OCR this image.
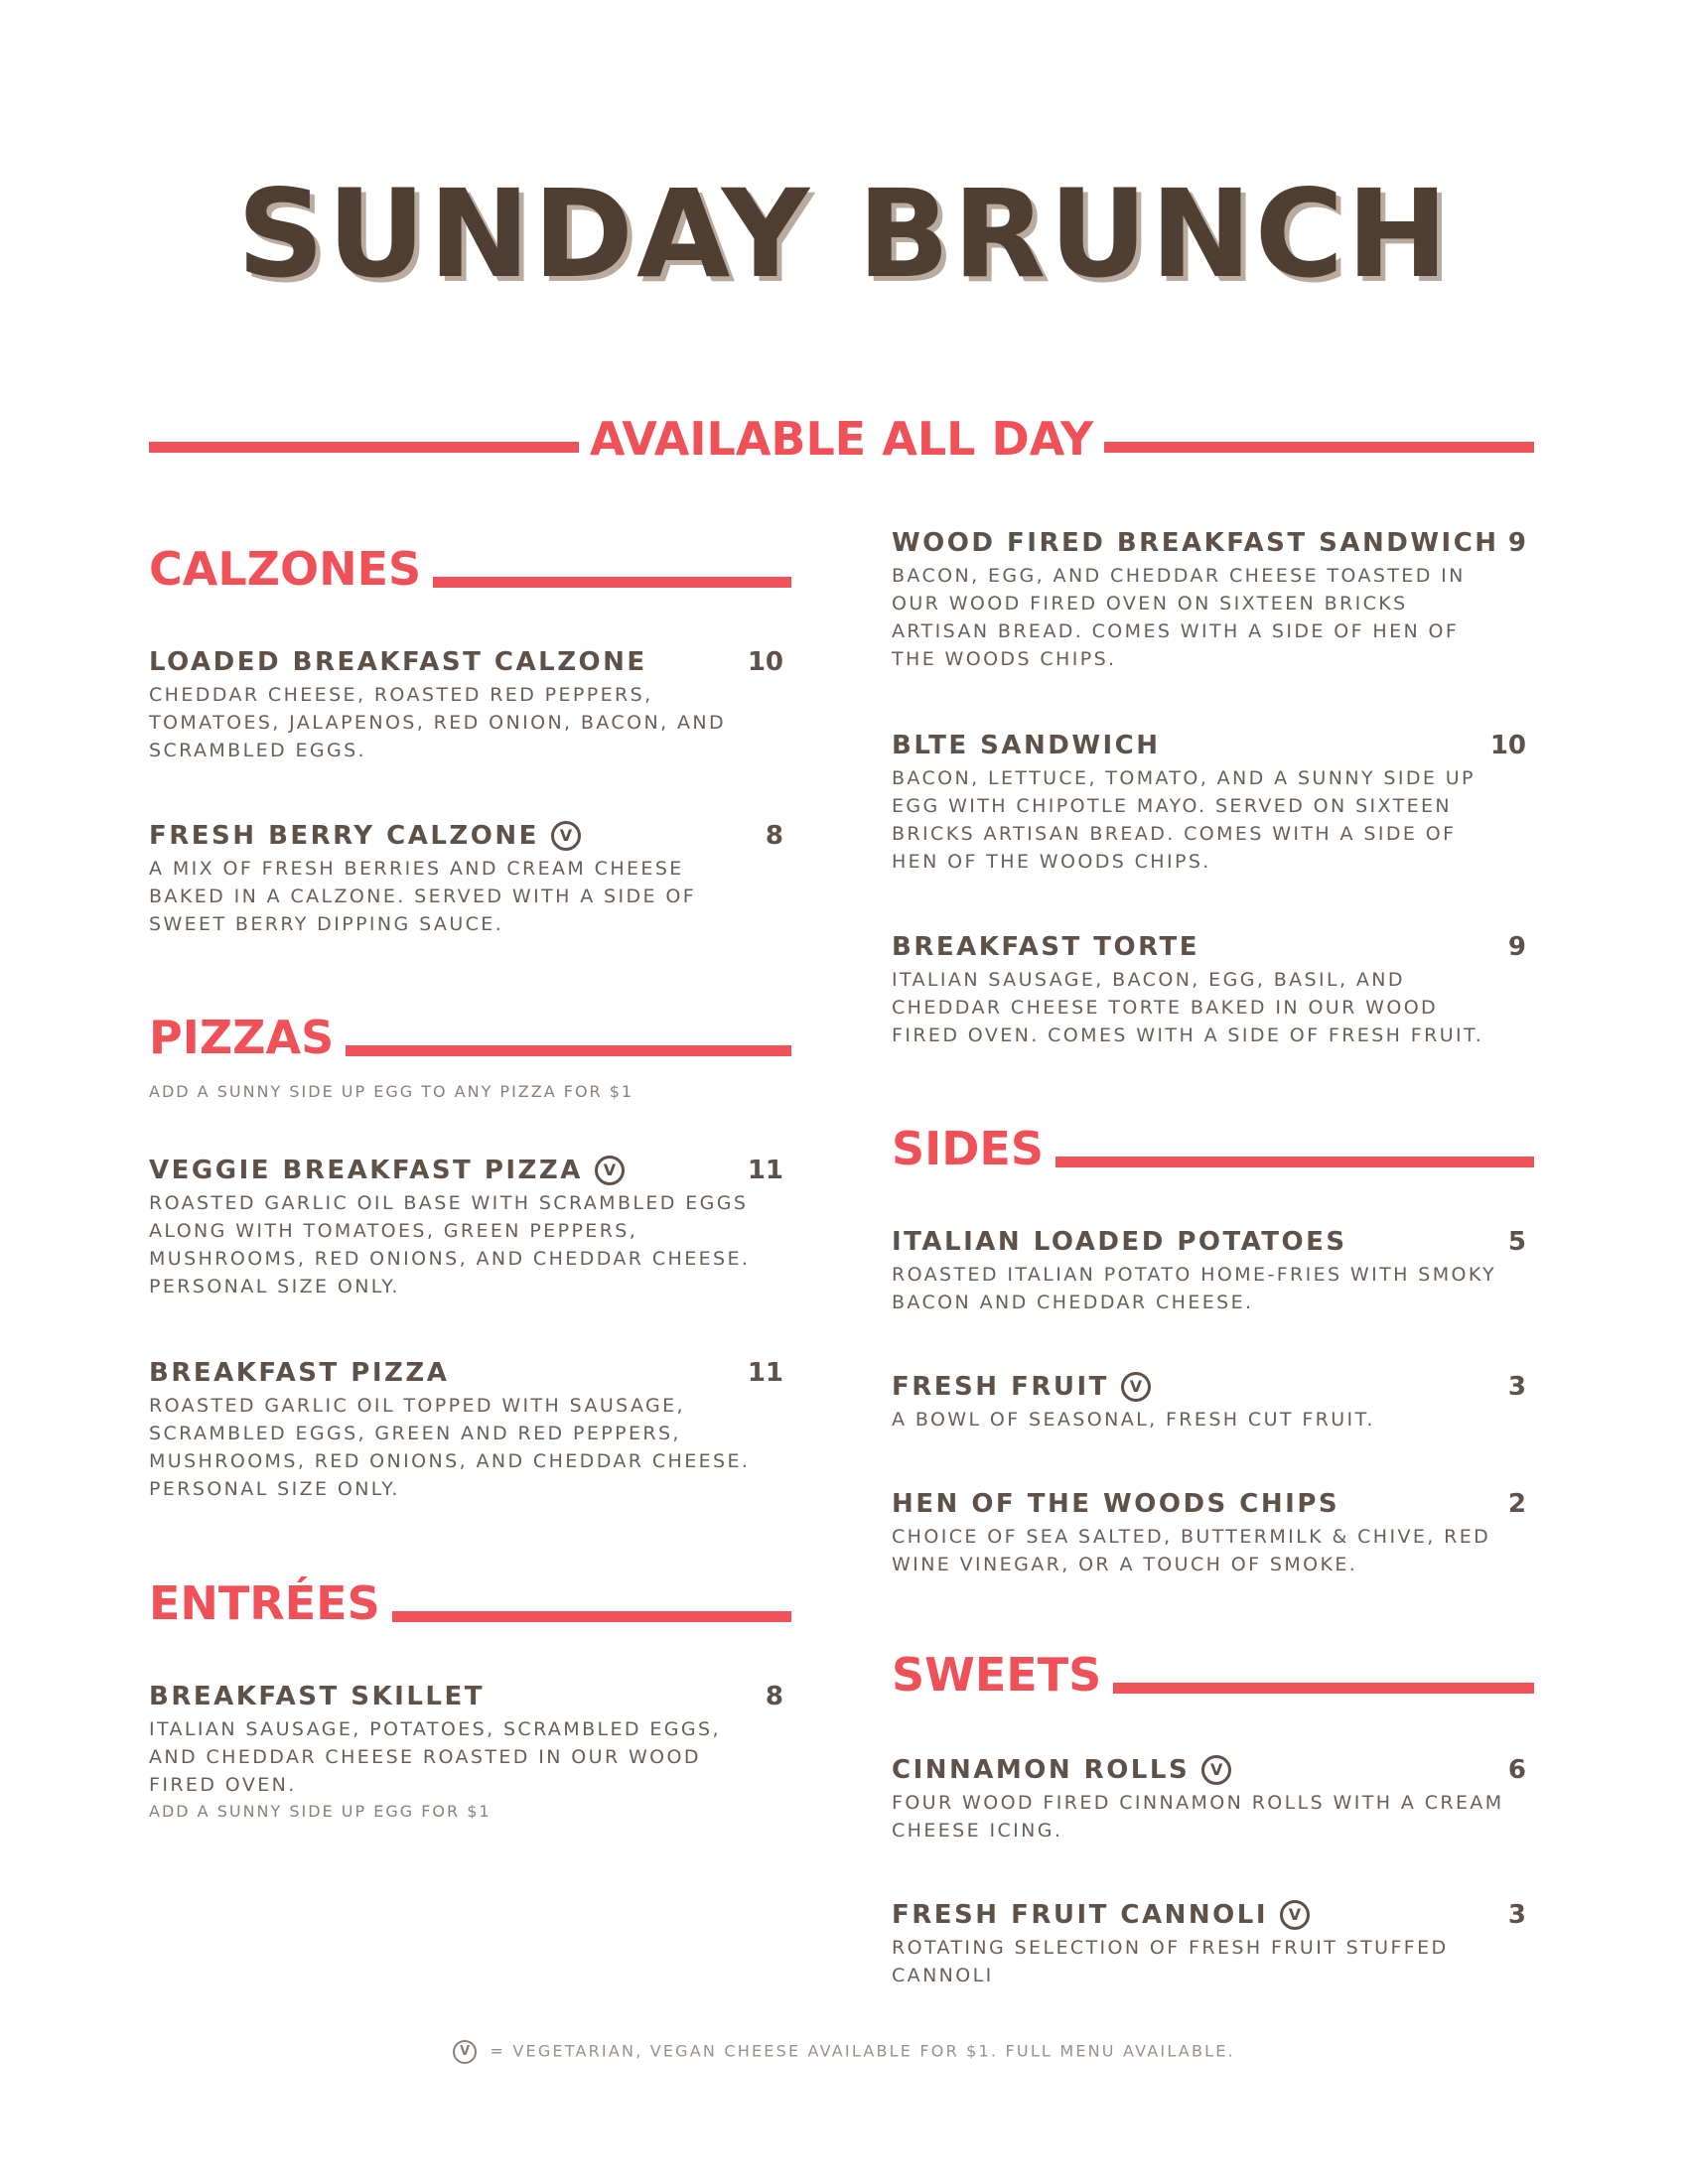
SUNDAY BRUNCH
AVAILABLE ALL DAY
CALZONES
LOADED BREAKFAST CALZONE	10
CHEDDAR CHEESE, ROASTED RED PEPPERS, TOMATOES, JALAPENOS, RED ONION, BACON, AND SCRAMBLED EGGS.
FRESH BERRY CALZONE	V	8
A MIX OF FRESH BERRIES AND CREAM CHEESE BAKED IN A CALZONE. SERVED WITH A SIDE OF SWEET BERRY DIPPING SAUCE.
PIZZAS
ADD A SUNNY SIDE UP EGG TO ANY PIZZA FOR $1
VEGGIE BREAKFAST PIZZA	V	11
ROASTED GARLIC OIL BASE WITH SCRAMBLED EGGS ALONG WITH TOMATOES, GREEN PEPPERS, MUSHROOMS, RED ONIONS, AND CHEDDAR CHEESE. PERSONAL SIZE ONLY.
BREAKFAST PIZZA	11
ROASTED GARLIC OIL TOPPED WITH SAUSAGE, SCRAMBLED EGGS, GREEN AND RED PEPPERS, MUSHROOMS, RED ONIONS, AND CHEDDAR CHEESE. PERSONAL SIZE ONLY.
ENTRÉES
BREAKFAST SKILLET	8
ITALIAN SAUSAGE, POTATOES, SCRAMBLED EGGS, AND CHEDDAR CHEESE ROASTED IN OUR WOOD FIRED OVEN.
ADD A SUNNY SIDE UP EGG FOR $1
WOOD FIRED BREAKFAST SANDWICH 9
BACON, EGG, AND CHEDDAR CHEESE TOASTED IN OUR WOOD FIRED OVEN ON SIXTEEN BRICKS ARTISAN BREAD. COMES WITH A SIDE OF HEN OF THE WOODS CHIPS.
BLTE SANDWICH	10
BACON, LETTUCE, TOMATO, AND A SUNNY SIDE UP EGG WITH CHIPOTLE MAYO. SERVED ON SIXTEEN BRICKS ARTISAN BREAD. COMES WITH A SIDE OF HEN OF THE WOODS CHIPS.
BREAKFAST TORTE	9
ITALIAN SAUSAGE, BACON, EGG, BASIL, AND CHEDDAR CHEESE TORTE BAKED IN OUR WOOD FIRED OVEN. COMES WITH A SIDE OF FRESH FRUIT.
SIDES
ITALIAN LOADED POTATOES	5
ROASTED ITALIAN POTATO HOME-FRIES WITH SMOKY BACON AND CHEDDAR CHEESE.
FRESH FRUIT	V	3
A BOWL OF SEASONAL, FRESH CUT FRUIT.
HEN OF THE WOODS CHIPS	2
CHOICE OF SEA SALTED, BUTTERMILK & CHIVE, RED WINE VINEGAR, OR A TOUCH OF SMOKE.
SWEETS
CINNAMON ROLLS	V	6
FOUR WOOD FIRED CINNAMON ROLLS WITH A CREAM CHEESE ICING.
FRESH FRUIT CANNOLI	V	3
ROTATING SELECTION OF FRESH FRUIT STUFFED CANNOLI
V = VEGETARIAN, VEGAN CHEESE AVAILABLE FOR $1. FULL MENU AVAILABLE.
